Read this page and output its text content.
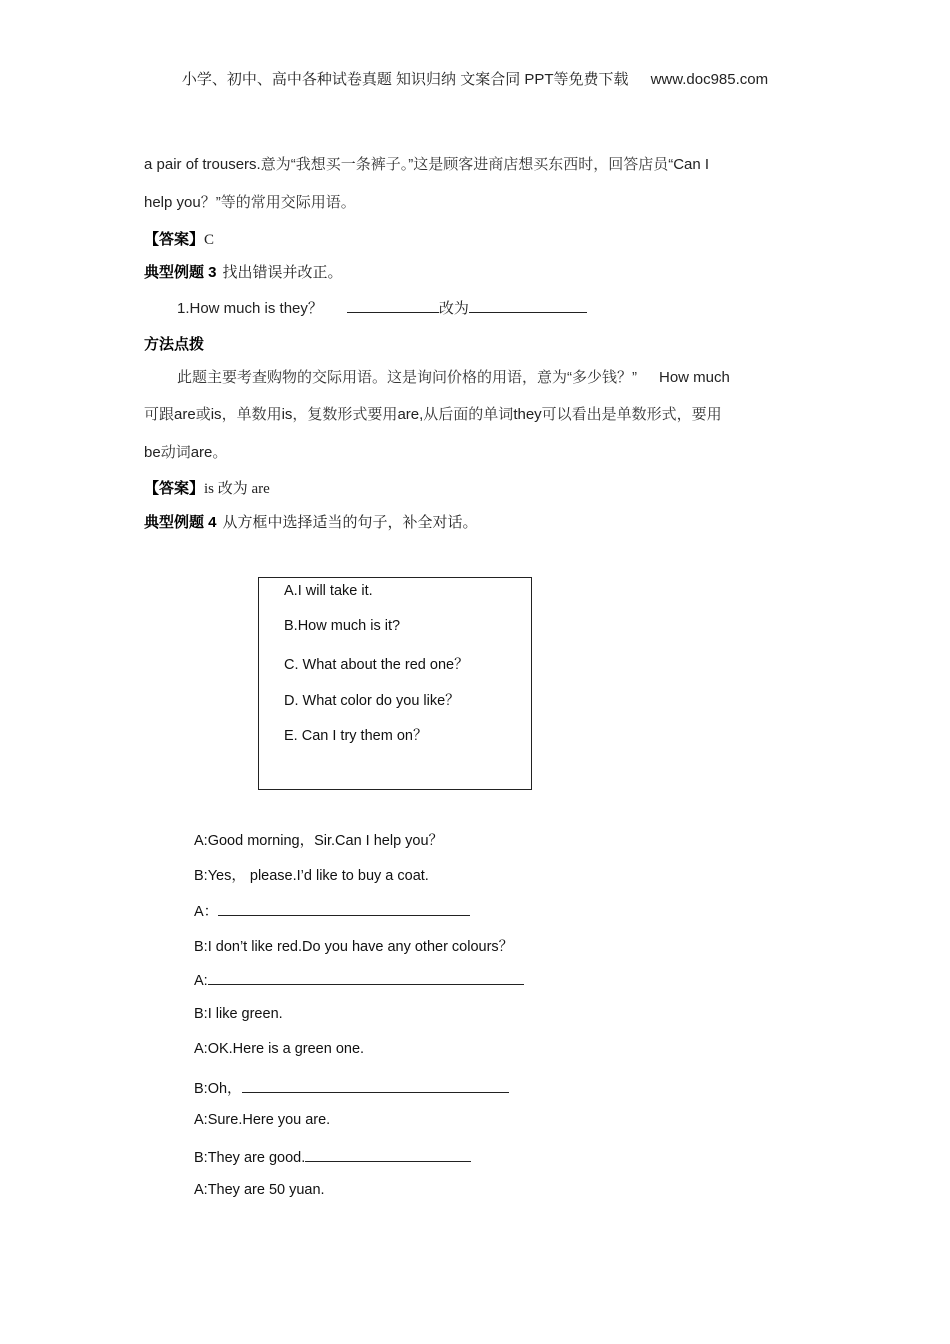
小学、初中、高中各种试卷真题 知识归纳 文案合同 PPT等免费下载 www.doc985.com
a pair of trousers.意为“我想买一条裤子。”这是顾客进商店想买东西时，回答店员“Can I
help you？”等的常用交际用语。
【答案】C
典型例题 3 找出错误并改正。
1.How much is they？	改为
方法点拨
此题主要考查购物的交际用语。这是询问价格的用语，意为“多少钱？” How much
可跟are或is，单数用is，复数形式要用are,从后面的单词they可以看出是单数形式，要用
be动词are。
【答案】is 改为 are
典型例题 4 从方框中选择适当的句子，补全对话。
A.I will take it.
B.How much is it?
C. What about the red one？
D. What color do you like？
E. Can I try them on？
A:Good morning，Sir.Can I help you？
B:Yes， please.I’d like to buy a coat.
A：
B:I don’t like red.Do you have any other colours？
A:
B:I like green.
A:OK.Here is a green one.
B:Oh，
A:Sure.Here you are.
B:They are good.
A:They are 50 yuan.
